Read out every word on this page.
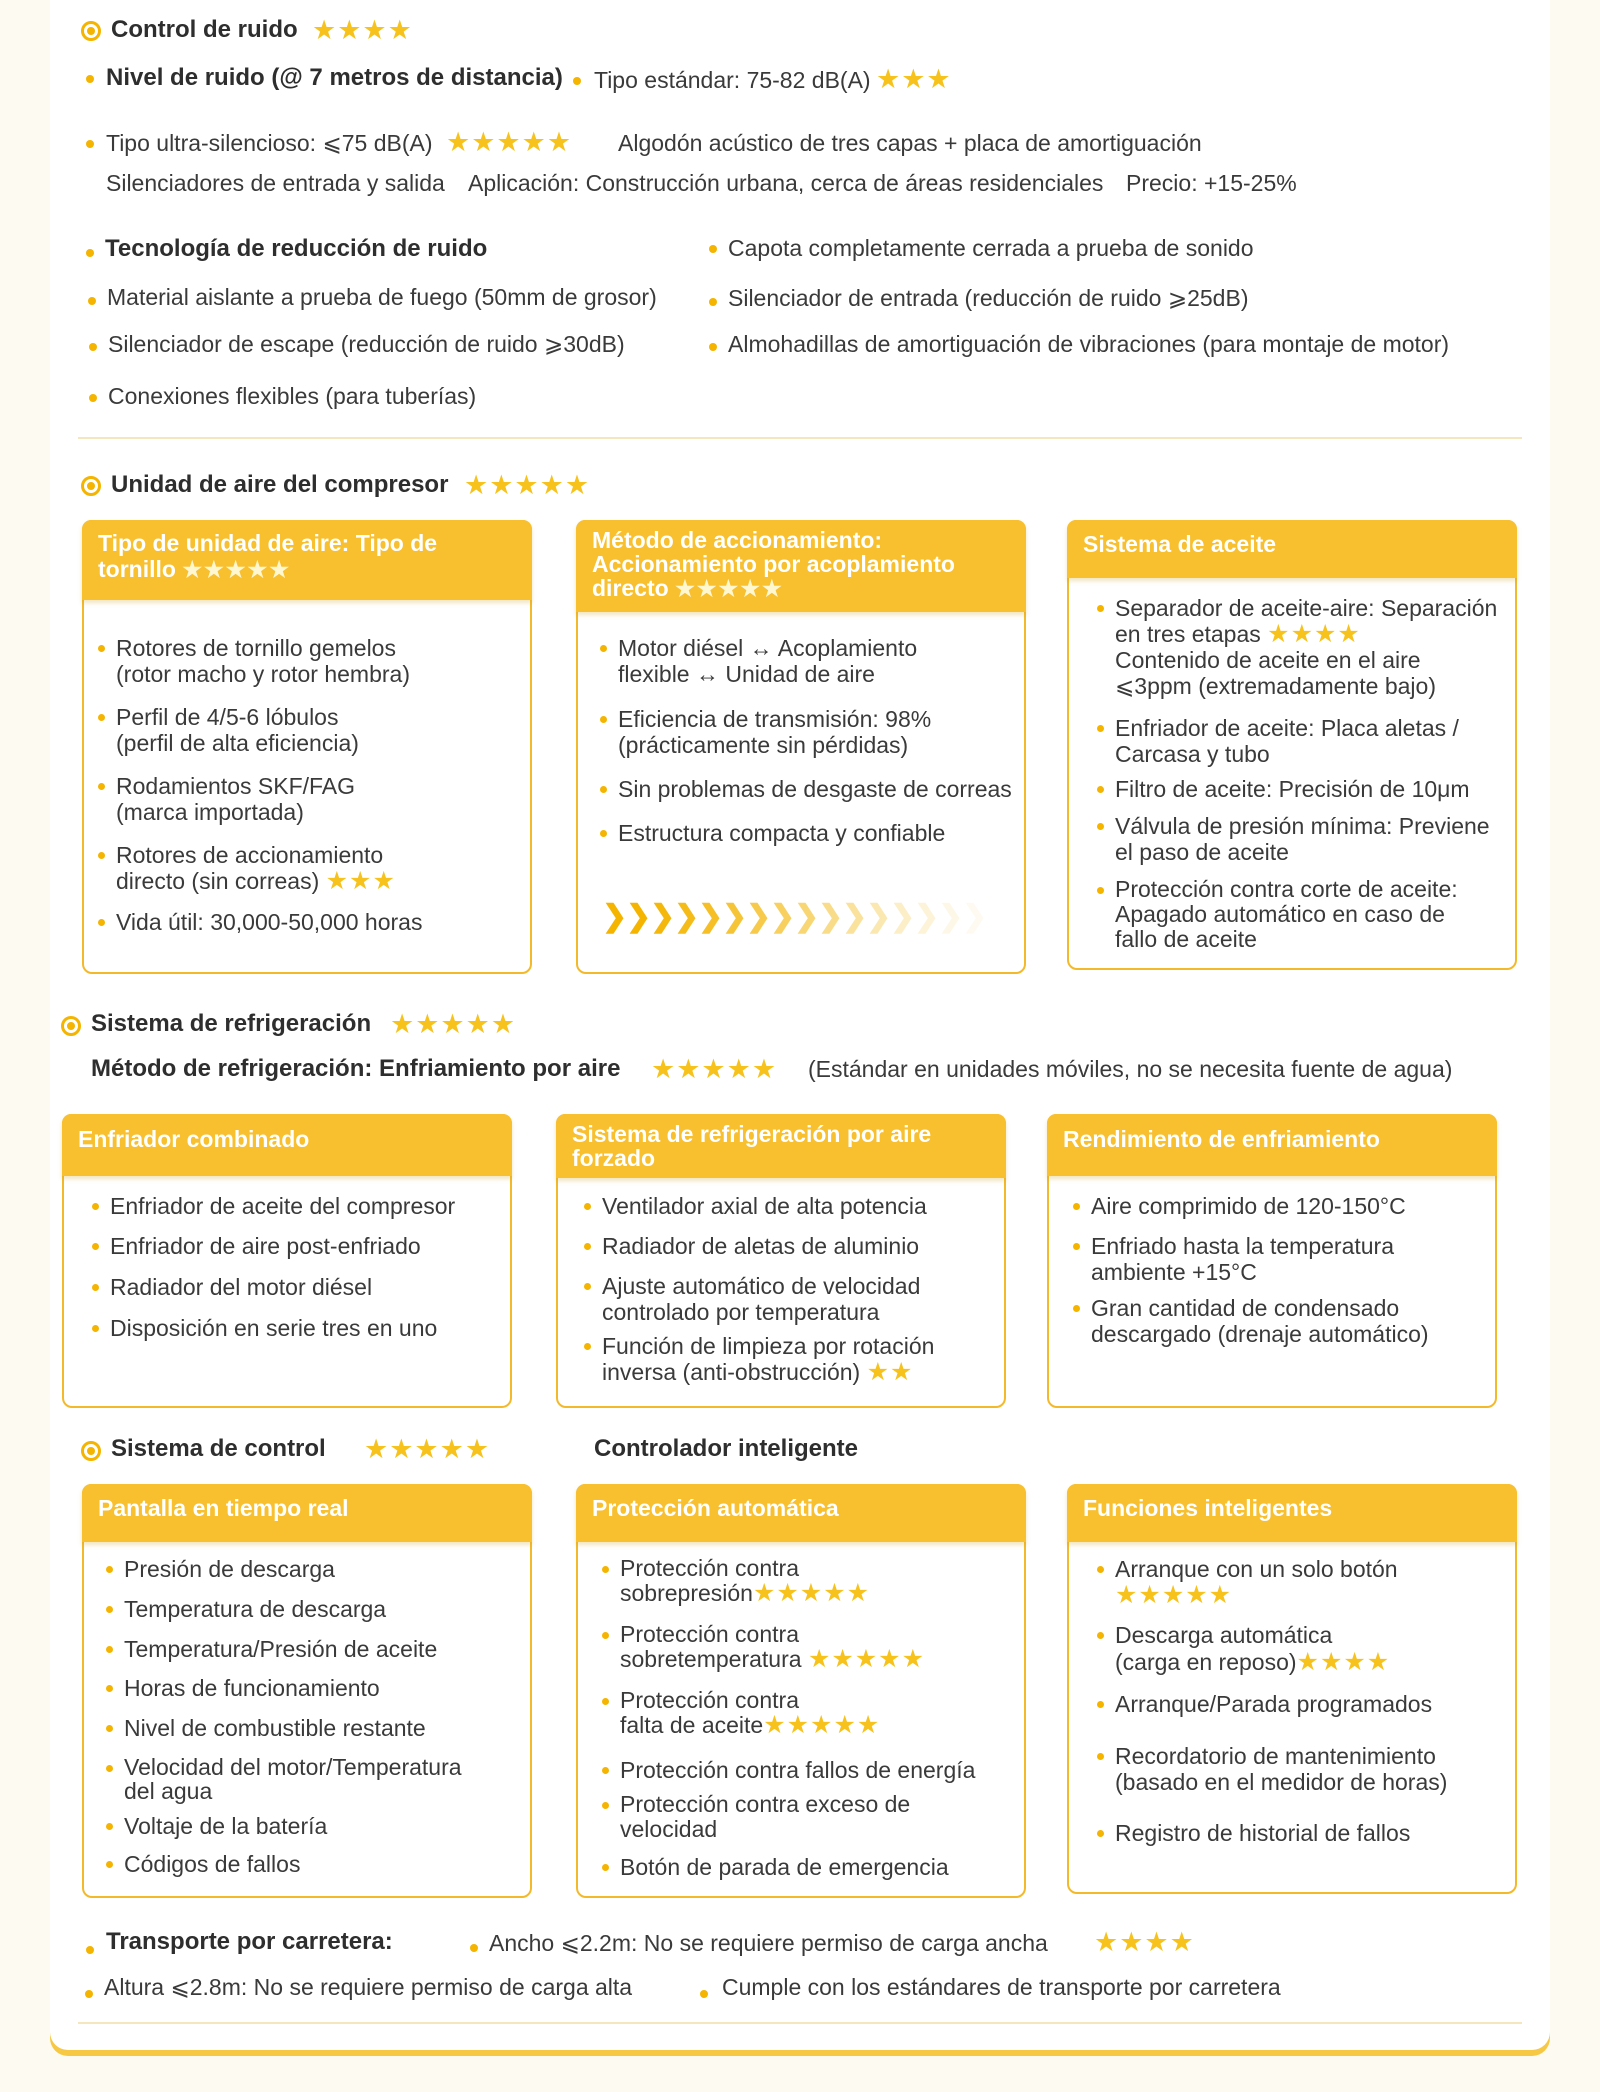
Control de ruido ★★★★
Nivel de ruido (@ 7 metros de distancia) Tipo estándar: 75-82 dB(A) ★★★
Tipo ultra-silencioso: ⩽75 dB(A) ★★★★★ Algodón acústico de tres capas + placa de amortiguación
Silenciadores de entrada y salida Aplicación: Construcción urbana, cerca de áreas residenciales Precio: +15-25%
Tecnología de reducción de ruido	Capota completamente cerrada a prueba de sonido
Material aislante a prueba de fuego (50mm de grosor)	Silenciador de entrada (reducción de ruido ⩾25dB)
Silenciador de escape (reducción de ruido ⩾30dB)	Almohadillas de amortiguación de vibraciones (para montaje de motor)
Conexiones flexibles (para tuberías)
Unidad de aire del compresor ★★★★★
Tipo de unidad de aire: Tipo de
tornillo ★★★★★
Rotores de tornillo gemelos
(rotor macho y rotor hembra)
Perfil de 4/5-6 lóbulos
(perfil de alta eficiencia)
Rodamientos SKF/FAG
(marca importada)
Rotores de accionamiento
directo (sin correas) ★★★
Vida útil: 30,000-50,000 horas
Método de accionamiento:
Accionamiento por acoplamiento
directo ★★★★★
Motor diésel ↔ Acoplamiento
flexible ↔ Unidad de aire
Eficiencia de transmisión: 98%
(prácticamente sin pérdidas)
Sin problemas de desgaste de correas
Estructura compacta y confiable
❯
❯
❯
❯
❯
❯
❯
❯
❯
❯
❯
❯
❯
❯
❯
❯
Sistema de aceite
Separador de aceite-aire: Separación
en tres etapas ★★★★
Contenido de aceite en el aire
⩽3ppm (extremadamente bajo)
Enfriador de aceite: Placa aletas /
Carcasa y tubo
Filtro de aceite: Precisión de 10μm
Válvula de presión mínima: Previene
el paso de aceite
Protección contra corte de aceite:
Apagado automático en caso de
fallo de aceite
Sistema de refrigeración ★★★★★
Método de refrigeración: Enfriamiento por aire ★★★★★ (Estándar en unidades móviles, no se necesita fuente de agua)
Enfriador combinado
Enfriador de aceite del compresor
Enfriador de aire post-enfriado
Radiador del motor diésel
Disposición en serie tres en uno
Sistema de refrigeración por aire
forzado
Ventilador axial de alta potencia
Radiador de aletas de aluminio
Ajuste automático de velocidad
controlado por temperatura
Función de limpieza por rotación
inversa (anti-obstrucción) ★★
Rendimiento de enfriamiento
Aire comprimido de 120-150°C
Enfriado hasta la temperatura
ambiente +15°C
Gran cantidad de condensado
descargado (drenaje automático)
Sistema de control ★★★★★	Controlador inteligente
Pantalla en tiempo real
Presión de descarga
Temperatura de descarga
Temperatura/Presión de aceite
Horas de funcionamiento
Nivel de combustible restante
Velocidad del motor/Temperatura
del agua
Voltaje de la batería
Códigos de fallos
Protección automática
Protección contra
sobrepresión★★★★★
Protección contra
sobretemperatura ★★★★★
Protección contra
falta de aceite★★★★★
Protección contra fallos de energía
Protección contra exceso de
velocidad
Botón de parada de emergencia
Funciones inteligentes
Arranque con un solo botón
★★★★★
Descarga automática
(carga en reposo)★★★★
Arranque/Parada programados
Recordatorio de mantenimiento
(basado en el medidor de horas)
Registro de historial de fallos
Transporte por carretera:	Ancho ⩽2.2m: No se requiere permiso de carga ancha ★★★★
Altura ⩽2.8m: No se requiere permiso de carga alta	Cumple con los estándares de transporte por carretera
